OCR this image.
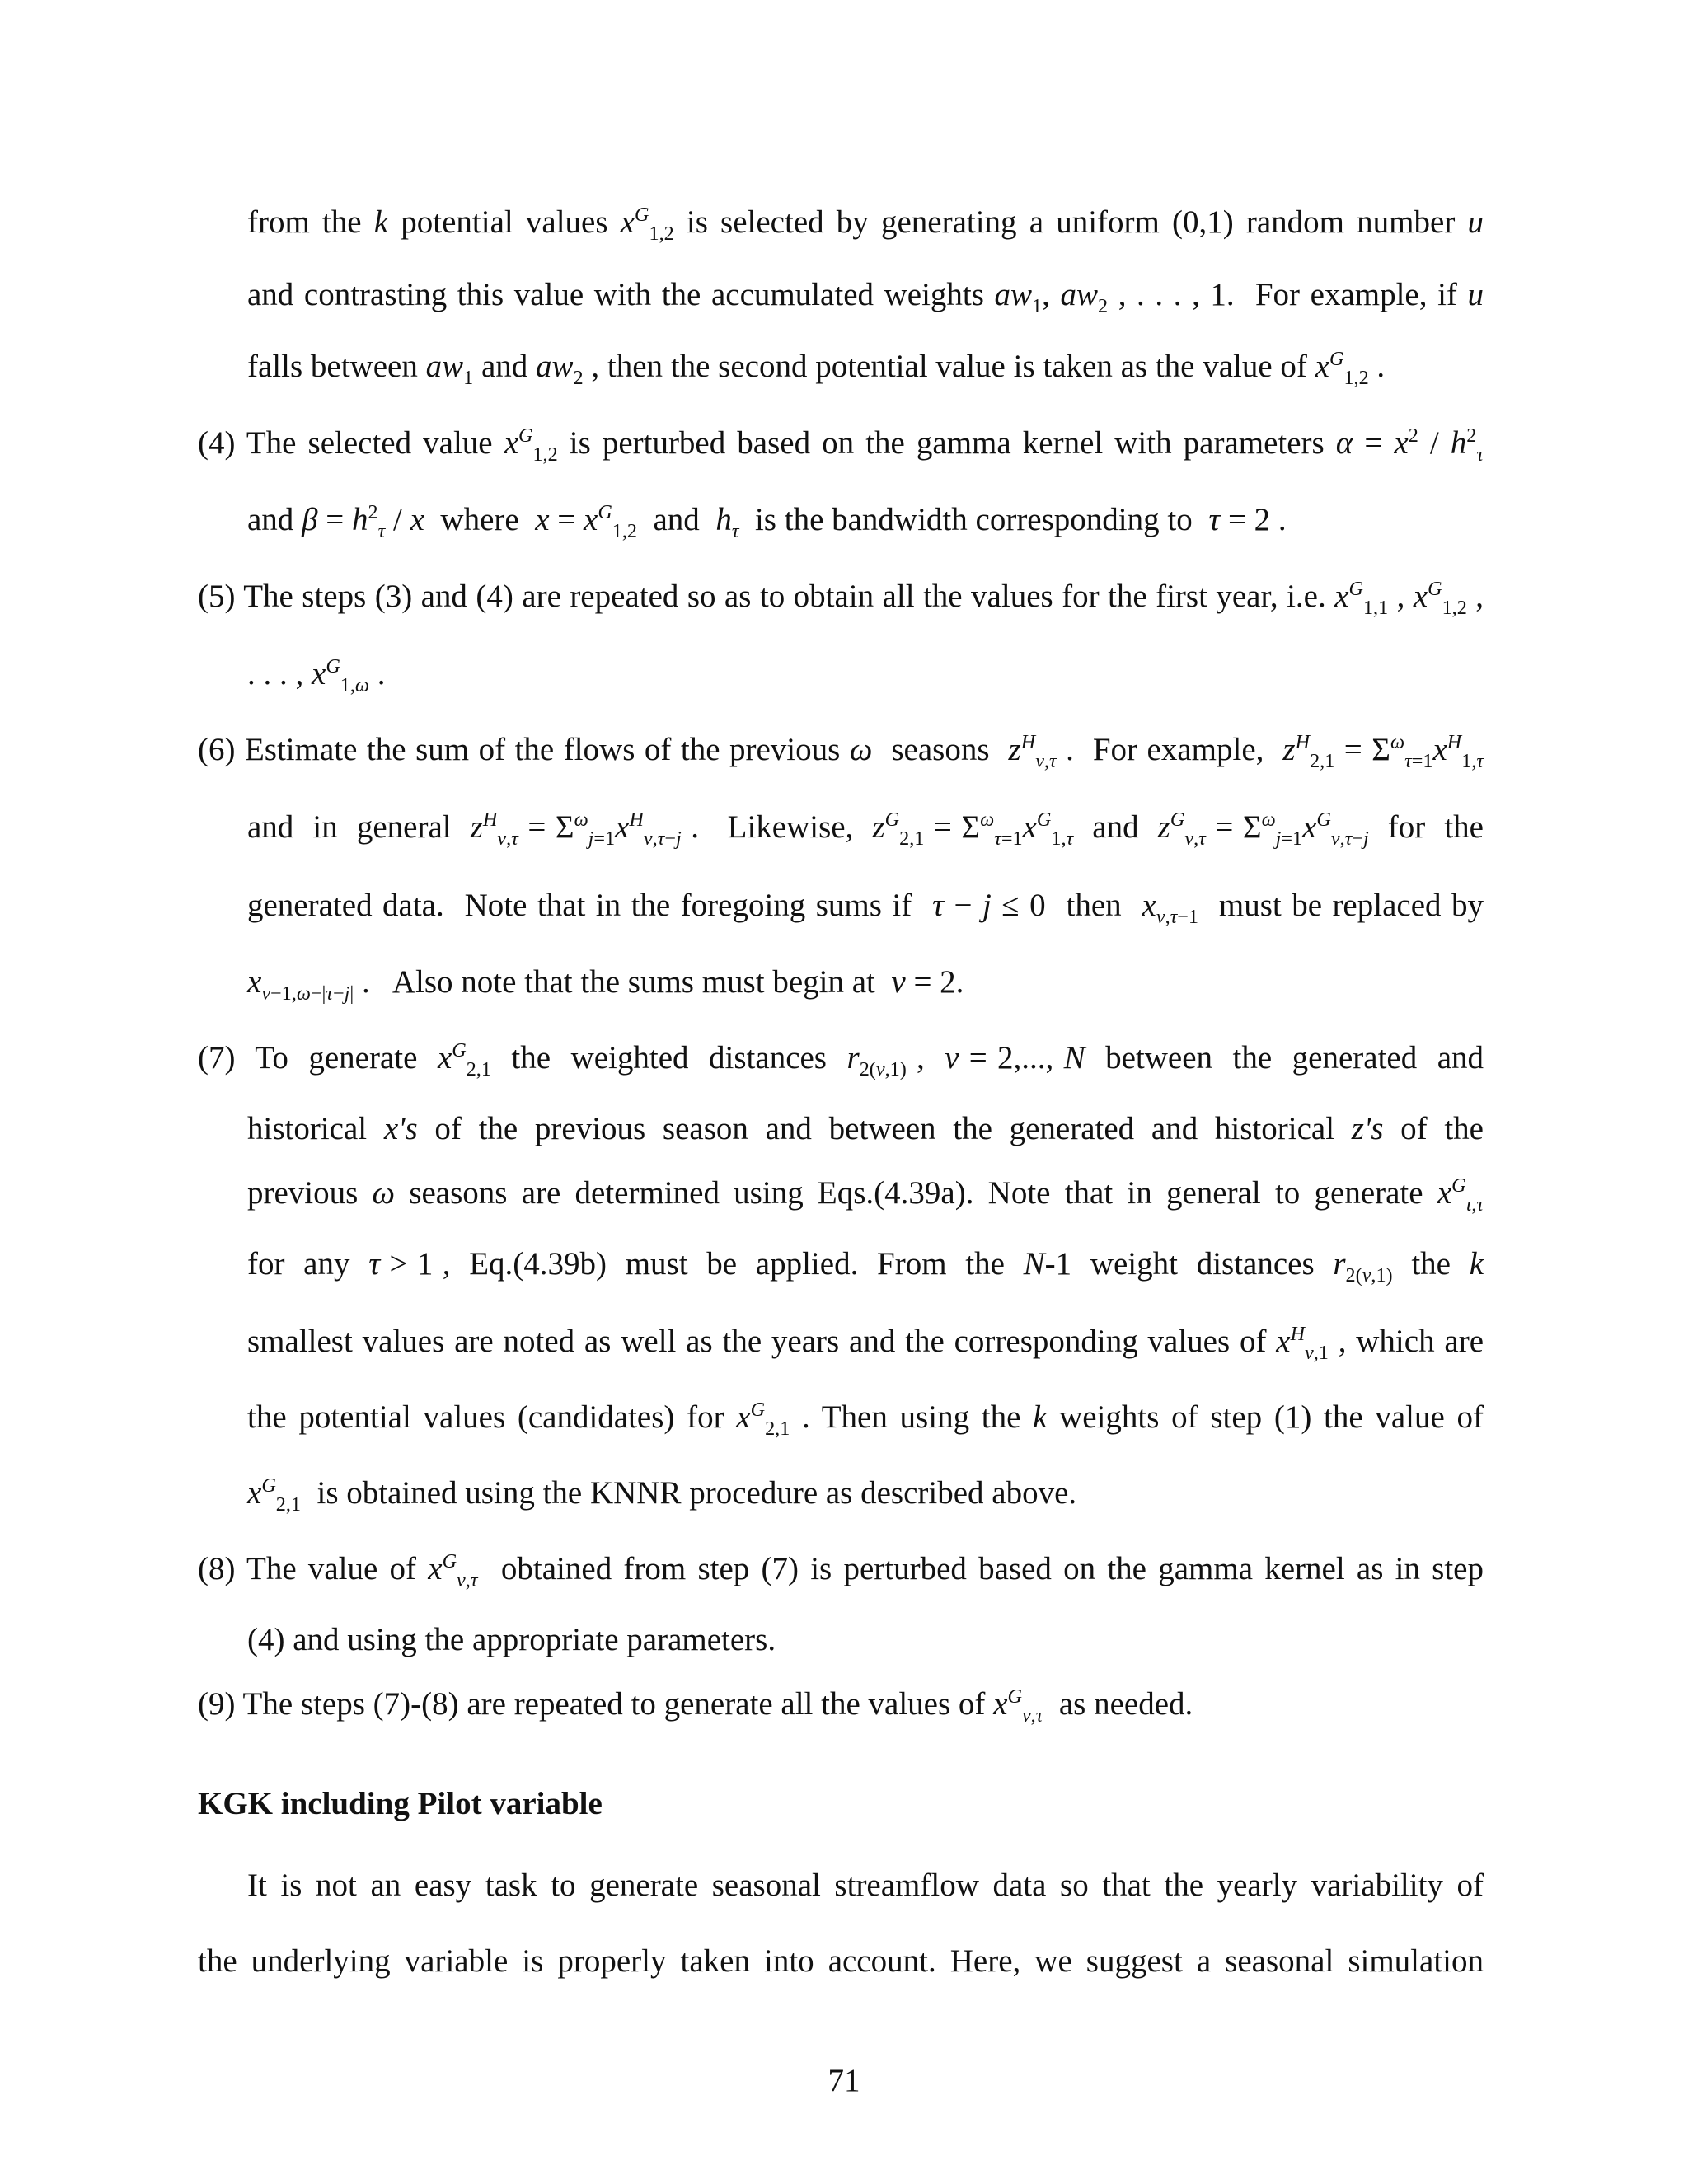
from the k potential values $x^G_{1,2}$ is selected by generating a uniform (0,1) random number u
and contrasting this value with the accumulated weights $aw_1$, $aw_2$ , . . . , 1.  For example, if u
falls between $aw_1$ and $aw_2$ , then the second potential value is taken as the value of $x^G_{1,2}$ .
(4) The selected value $x^G_{1,2}$ is perturbed based on the gamma kernel with parameters $\alpha = x^2 / h^2_\tau$
and $\beta = h^2_\tau / x$  where  $x = x^G_{1,2}$  and  $h_\tau$  is the bandwidth corresponding to  τ = 2 .
(5) The steps (3) and (4) are repeated so as to obtain all the values for the first year, i.e. $x^G_{1,1}$ , $x^G_{1,2}$ ,
. . . , $x^G_{1,\omega}$ .
(6) Estimate the sum of the flows of the previous ω  seasons  $z^H_{\nu,\tau}$ .  For example,  $z^H_{2,1} = \Sigma^\omega_{\tau=1}x^H_{1,\tau}$
and  in  general  $z^H_{\nu,\tau} = \Sigma^\omega_{j=1}x^H_{\nu,\tau-j}$ .   Likewise,  $z^G_{2,1} = \Sigma^\omega_{\tau=1}x^G_{1,\tau}$  and  $z^G_{\nu,\tau} = \Sigma^\omega_{j=1}x^G_{\nu,\tau-j}$  for  the
generated data.  Note that in the foregoing sums if  τ − j ≤ 0  then  $x_{\nu,\tau-1}$  must be replaced by
$x_{\nu-1,\omega-|\tau-j|}$ .   Also note that the sums must begin at  ν = 2.
(7)  To  generate  $x^G_{2,1}$  the  weighted  distances  $r_{2(\nu,1)}$ ,  ν = 2,..., N  between  the  generated  and
historical  x's  of  the  previous  season  and  between  the  generated  and  historical  z's  of  the
previous ω seasons are determined using Eqs.(4.39a). Note that in general to generate $x^G_{\iota,\tau}$
for  any  τ > 1 ,  Eq.(4.39b)  must  be  applied.  From  the  N-1  weight  distances  $r_{2(\nu,1)}$  the  k
smallest values are noted as well as the years and the corresponding values of $x^H_{\nu,1}$ , which are
the potential values (candidates) for $x^G_{2,1}$ . Then using the k weights of step (1) the value of
$x^G_{2,1}$  is obtained using the KNNR procedure as described above.
(8) The value of $x^G_{\nu,\tau}$  obtained from step (7) is perturbed based on the gamma kernel as in step
(4) and using the appropriate parameters.
(9) The steps (7)-(8) are repeated to generate all the values of $x^G_{\nu,\tau}$  as needed.
KGK including Pilot variable
It is not an easy task to generate seasonal streamflow data so that the yearly variability of
the underlying variable is properly taken into account. Here, we suggest a seasonal simulation
71
